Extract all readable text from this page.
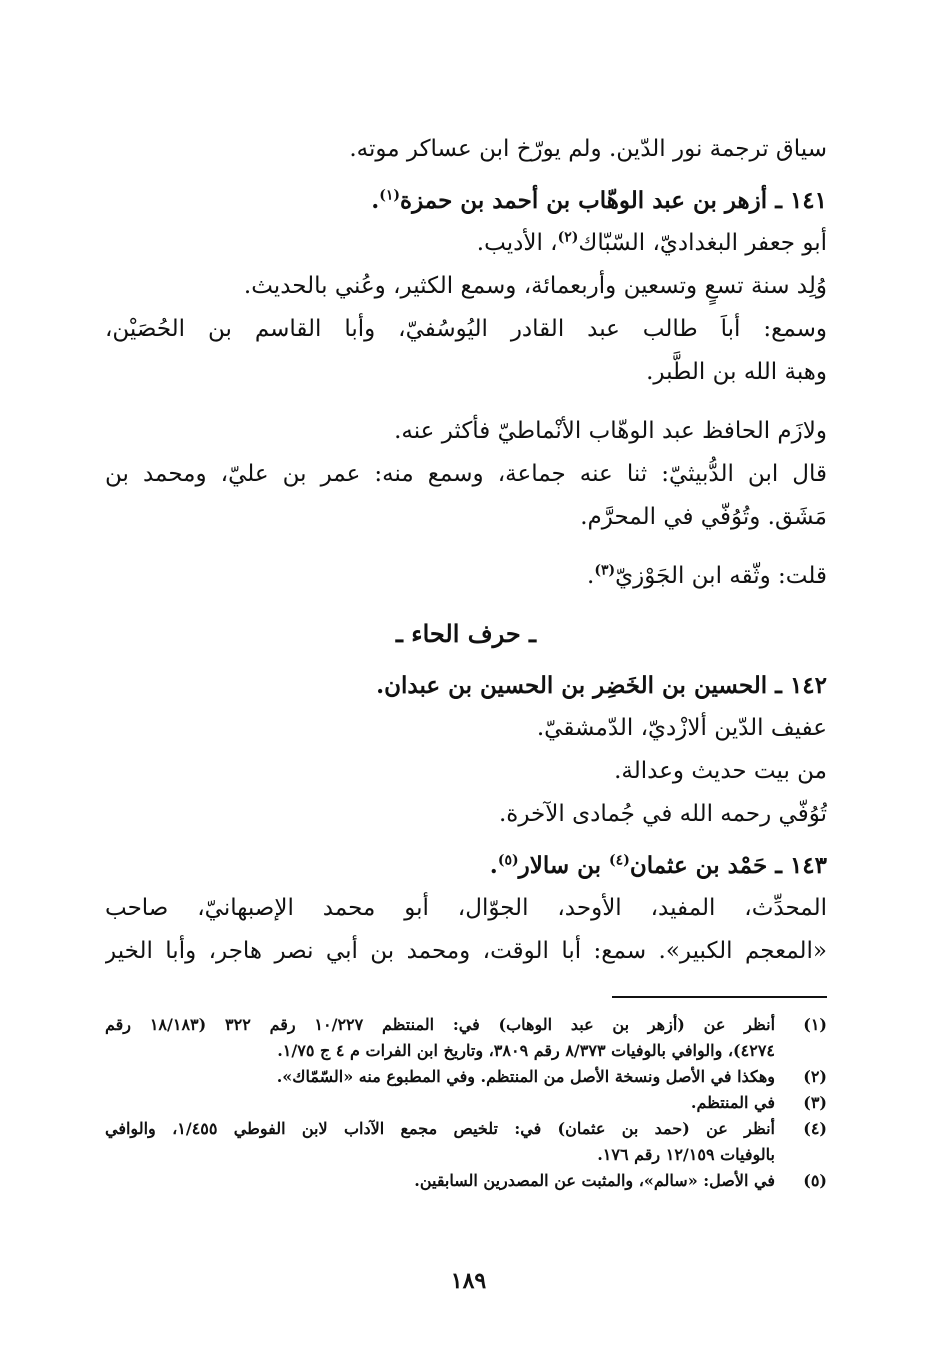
سياق ترجمة نور الدّين. ولم يورّخ ابن عساكر موته.
١٤١ ـ أزهر بن عبد الوهّاب بن أحمد بن حمزة$^{(١)}$.
أبو جعفر البغداديّ، السّبّاك$^{(٢)}$، الأديب.
وُلِد سنة تسعٍ وتسعين وأربعمائة، وسمع الكثير، وعُني بالحديث.
وسمع: أباَ طالب عبد القادر اليُوسُفيّ، وأبا القاسم بن الحُصَيْن،
وهبة الله بن الطَّبر.
ولازَم الحافظ عبد الوهّاب الأنْماطيّ فأكثر عنه.
قال ابن الدُّبيثيّ: ثنا عنه جماعة، وسمع منه: عمر بن عليّ، ومحمد بن
مَشَق. وتُوُفّي في المحرَّم.
قلت: وثّقه ابن الجَوْزيّ$^{(٣)}$.
ـ حرف الحاء ـ
١٤٢ ـ الحسين بن الخَضِر بن الحسين بن عبدان.
عفيف الدّين ألازْديّ، الدّمشقيّ.
من بيت حديث وعدالة.
تُوُفّي رحمه الله في جُمادى الآخرة.
١٤٣ ـ حَمْد بن عثمان$^{(٤)}$ بن سالار$^{(٥)}$.
المحدِّث، المفيد، الأوحد، الجوّال، أبو محمد الإصبهانيّ، صاحب
«المعجم الكبير». سمع: أبا الوقت، ومحمد بن أبي نصر هاجر، وأبا الخير
(١)
أنظر عن (أزهر بن عبد الوهاب) في: المنتظم ١٠/٢٢٧ رقم ٣٢٢ (١٨/١٨٣ رقم
٤٢٧٤)، والوافي بالوفيات ٨/٣٧٣ رقم ٣٨٠٩، وتاريخ ابن الفرات م ٤ ج ١/٧٥.
(٢)
وهكذا في الأصل ونسخة الأصل من المنتظم. وفي المطبوع منه «السّمّاك».
(٣)
في المنتظم.
(٤)
أنظر عن (حمد بن عثمان) في: تلخيص مجمع الآداب لابن الفوطي ١/٤٥٥، والوافي
بالوفيات ١٢/١٥٩ رقم ١٧٦.
(٥)
في الأصل: «سالم»، والمثبت عن المصدرين السابقين.
١٨٩
